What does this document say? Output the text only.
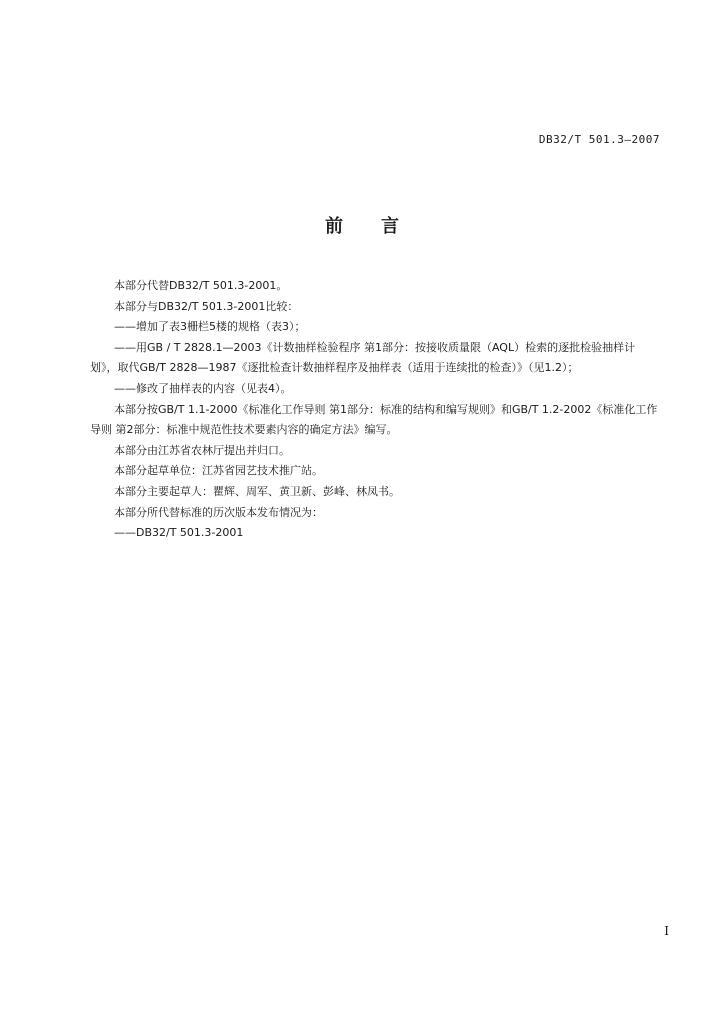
DB32/T 501.3—2007
前 言

本部分代替DB32/T 501.3-2001。

本部分与DB32/T 501.3-2001比较：

——增加了表3栅栏5楼的规格（表3）；

——用GB / T 2828.1—2003《计数抽样检验程序 第1部分：按接收质量限（AQL）检索的逐批检验抽样计划》，取代GB/T 2828—1987《逐批检查计数抽样程序及抽样表（适用于连续批的检查）》（见1.2）；

——修改了抽样表的内容（见表4）。

本部分按GB/T 1.1-2000《标准化工作导则 第1部分：标准的结构和编写规则》和GB/T 1.2-2002《标准化工作导则 第2部分：标准中规范性技术要素内容的确定方法》编写。

本部分由江苏省农林厅提出并归口。

本部分起草单位：江苏省园艺技术推广站。

本部分主要起草人：瞿辉、周军、黄卫新、彭峰、林凤书。

本部分所代替标准的历次版本发布情况为：

——DB32/T 501.3-2001

I
